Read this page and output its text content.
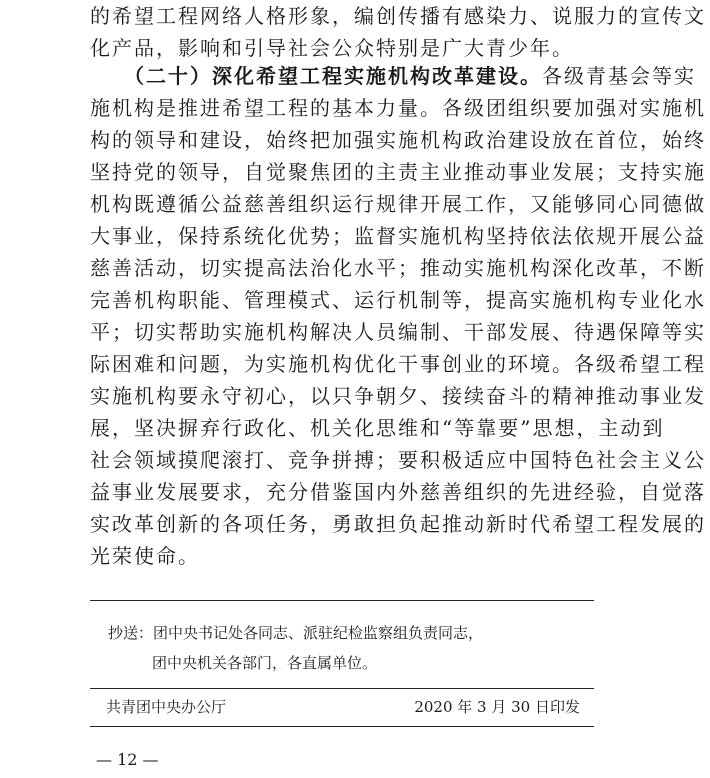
的希望工程网络人格形象，编创传播有感染力、说服力的宣传文
化产品，影响和引导社会公众特别是广大青少年。
（二十）深化希望工程实施机构改革建设。各级青基会等实
施机构是推进希望工程的基本力量。各级团组织要加强对实施机
构的领导和建设，始终把加强实施机构政治建设放在首位，始终
坚持党的领导，自觉聚焦团的主责主业推动事业发展；支持实施
机构既遵循公益慈善组织运行规律开展工作，又能够同心同德做
大事业，保持系统化优势；监督实施机构坚持依法依规开展公益
慈善活动，切实提高法治化水平；推动实施机构深化改革，不断
完善机构职能、管理模式、运行机制等，提高实施机构专业化水
平；切实帮助实施机构解决人员编制、干部发展、待遇保障等实
际困难和问题，为实施机构优化干事创业的环境。各级希望工程
实施机构要永守初心，以只争朝夕、接续奋斗的精神推动事业发
展，坚决摒弃行政化、机关化思维和“等靠要”思想，主动到
社会领域摸爬滚打、竞争拼搏；要积极适应中国特色社会主义公
益事业发展要求，充分借鉴国内外慈善组织的先进经验，自觉落
实改革创新的各项任务，勇敢担负起推动新时代希望工程发展的
光荣使命。
抄送：团中央书记处各同志、派驻纪检监察组负责同志，
团中央机关各部门，各直属单位。
共青团中央办公厅	2020 年 3 月 30 日印发
— 12 —
